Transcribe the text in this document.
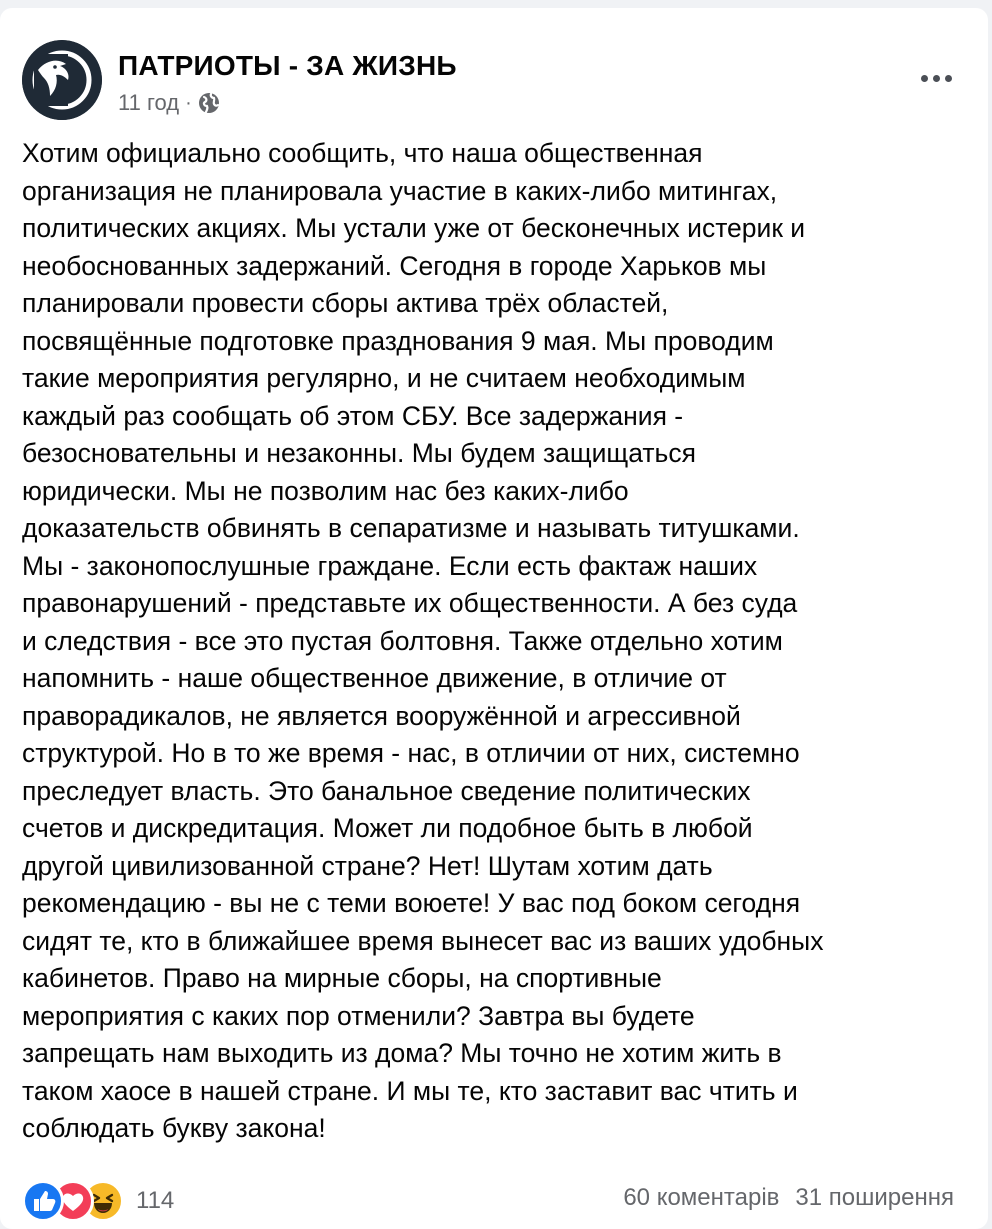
ПАТРИОТЫ - ЗА ЖИЗНЬ
11 год ·
Хотим официально сообщить, что наша общественная
организация не планировала участие в каких-либо митингах,
политических акциях. Мы устали уже от бесконечных истерик и
необоснованных задержаний. Сегодня в городе Харьков мы
планировали провести сборы актива трёх областей,
посвящённые подготовке празднования 9 мая. Мы проводим
такие мероприятия регулярно, и не считаем необходимым
каждый раз сообщать об этом СБУ. Все задержания -
безосновательны и незаконны. Мы будем защищаться
юридически. Мы не позволим нас без каких-либо
доказательств обвинять в сепаратизме и называть титушками.
Мы - законопослушные граждане. Если есть фактаж наших
правонарушений - представьте их общественности. А без суда
и следствия - все это пустая болтовня. Также отдельно хотим
напомнить - наше общественное движение, в отличие от
праворадикалов, не является вооружённой и агрессивной
структурой. Но в то же время - нас, в отличии от них, системно
преследует власть. Это банальное сведение политических
счетов и дискредитация. Может ли подобное быть в любой
другой цивилизованной стране? Нет! Шутам хотим дать
рекомендацию - вы не с теми воюете! У вас под боком сегодня
сидят те, кто в ближайшее время вынесет вас из ваших удобных
кабинетов. Право на мирные сборы, на спортивные
мероприятия с каких пор отменили? Завтра вы будете
запрещать нам выходить из дома? Мы точно не хотим жить в
таком хаосе в нашей стране. И мы те, кто заставит вас чтить и
соблюдать букву закона!
114	60 коментарів 31 поширення
